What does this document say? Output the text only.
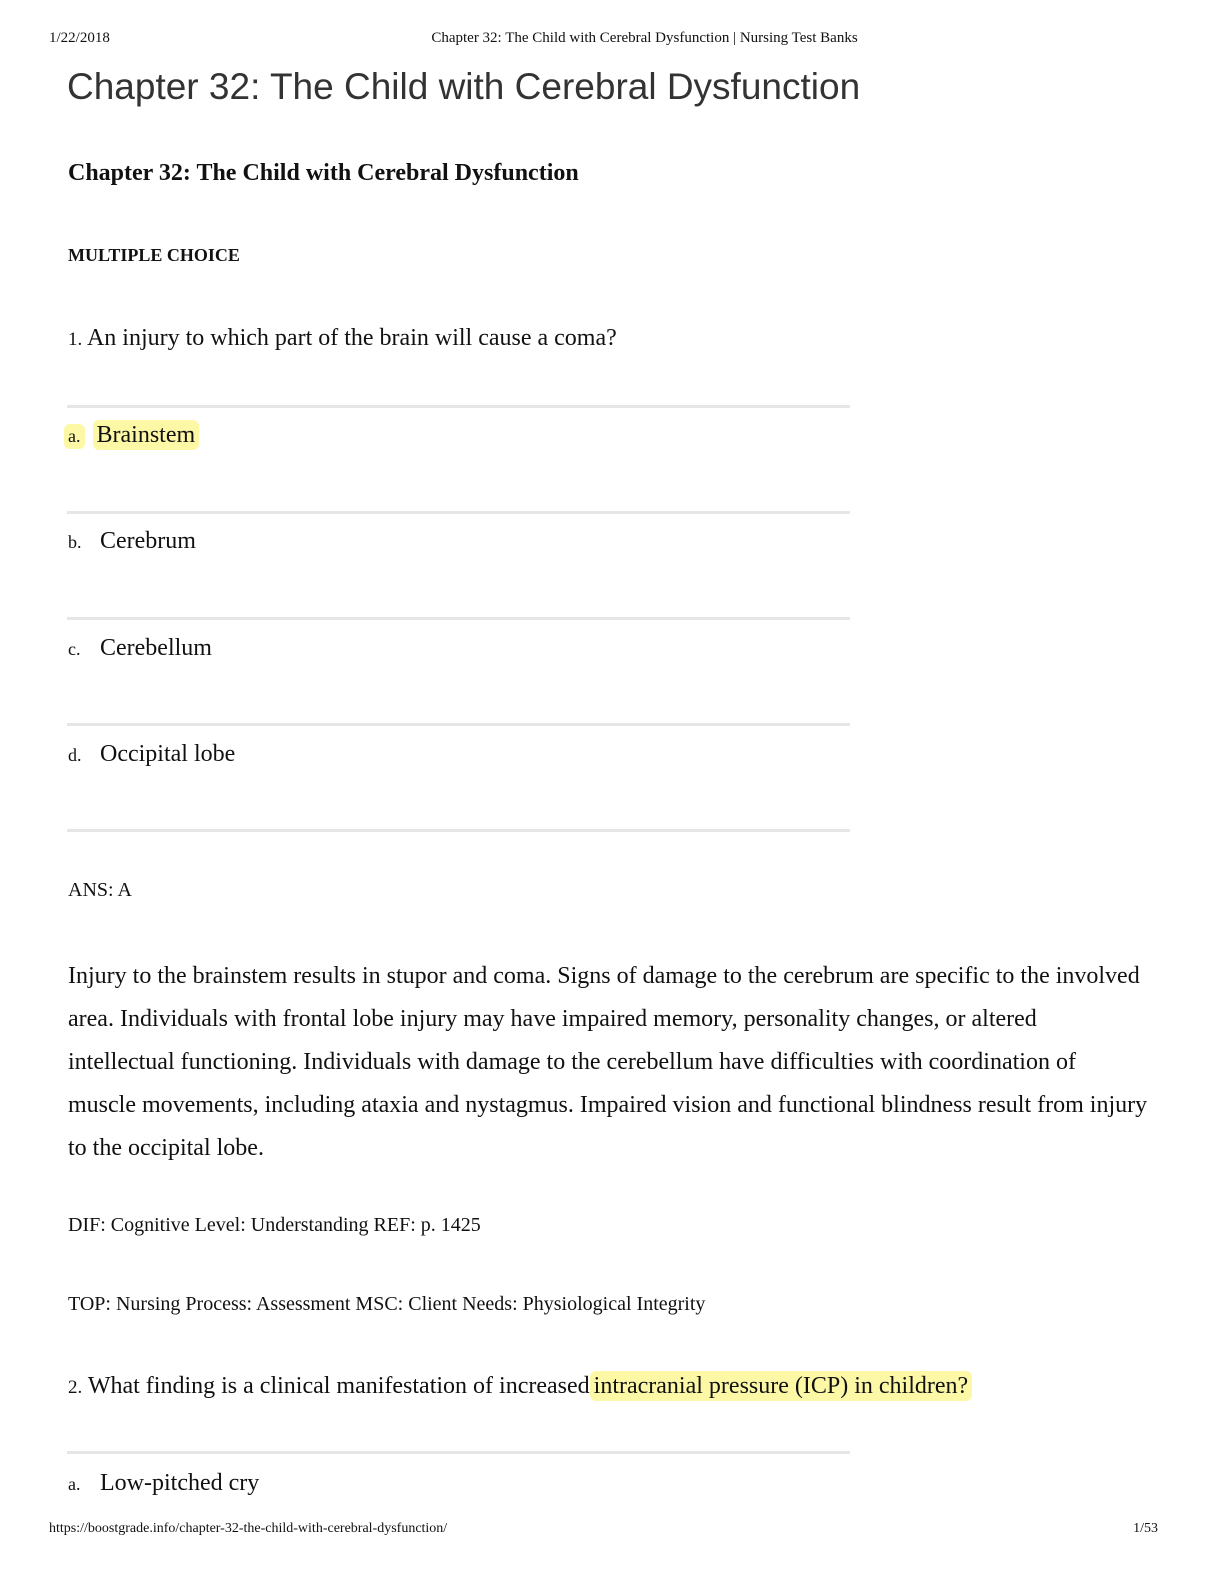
1/22/2018	Chapter 32: The Child with Cerebral Dysfunction | Nursing Test Banks
Chapter 32: The Child with Cerebral Dysfunction
Chapter 32: The Child with Cerebral Dysfunction
MULTIPLE CHOICE

1. An injury to which part of the brain will cause a coma?

a. Brainstem
b. Cerebrum
c. Cerebellum
d. Occipital lobe
ANS: A

Injury to the brainstem results in stupor and coma. Signs of damage to the cerebrum are specific to the involved area. Individuals with frontal lobe injury may have impaired memory, personality changes, or altered intellectual functioning. Individuals with damage to the cerebellum have difficulties with coordination of muscle movements, including ataxia and nystagmus. Impaired vision and functional blindness result from injury to the occipital lobe.

DIF: Cognitive Level: Understanding REF: p. 1425
TOP: Nursing Process: Assessment MSC: Client Needs: Physiological Integrity

2. What finding is a clinical manifestation of increased intracranial pressure (ICP) in children?

a. Low-pitched cry
https://boostgrade.info/chapter-32-the-child-with-cerebral-dysfunction/	1/53
